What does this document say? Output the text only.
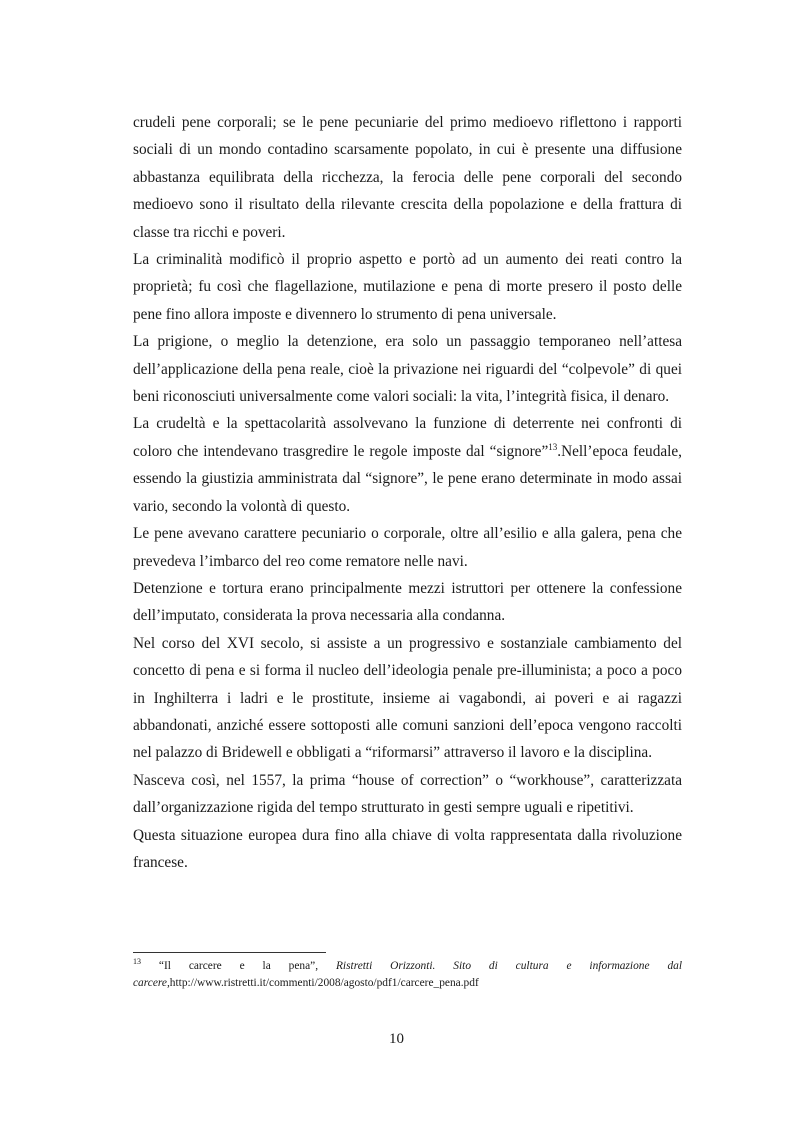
crudeli pene corporali; se le pene pecuniarie del primo medioevo riflettono i rapporti sociali di un mondo contadino scarsamente popolato, in cui è presente una diffusione abbastanza equilibrata della ricchezza, la ferocia delle pene corporali del secondo medioevo sono il risultato della rilevante crescita della popolazione e della frattura di classe tra ricchi e poveri.

La criminalità modificò il proprio aspetto e portò ad un aumento dei reati contro la proprietà; fu così che flagellazione, mutilazione e pena di morte presero il posto delle pene fino allora imposte e divennero lo strumento di pena universale.

La prigione, o meglio la detenzione, era solo un passaggio temporaneo nell’attesa dell’applicazione della pena reale, cioè la privazione nei riguardi del “colpevole” di quei beni riconosciuti universalmente come valori sociali: la vita, l’integrità fisica, il denaro.

La crudeltà e la spettacolarità assolvevano la funzione di deterrente nei confronti di coloro che intendevano trasgredire le regole imposte dal “signore”$^{13}$.Nell’epoca feudale, essendo la giustizia amministrata dal “signore”, le pene erano determinate in modo assai vario, secondo la volontà di questo.

Le pene avevano carattere pecuniario o corporale, oltre all’esilio e alla galera, pena che prevedeva l’imbarco del reo come rematore nelle navi.

Detenzione e tortura erano principalmente mezzi istruttori per ottenere la confessione dell’imputato, considerata la prova necessaria alla condanna.

Nel corso del XVI secolo, si assiste a un progressivo e sostanziale cambiamento del concetto di pena e si forma il nucleo dell’ideologia penale pre-illuminista; a poco a poco in Inghilterra i ladri e le prostitute, insieme ai vagabondi, ai poveri e ai ragazzi abbandonati, anziché essere sottoposti alle comuni sanzioni dell’epoca vengono raccolti nel palazzo di Bridewell e obbligati a “riformarsi” attraverso il lavoro e la disciplina.

Nasceva così, nel 1557, la prima “house of correction” o “workhouse”, caratterizzata dall’organizzazione rigida del tempo strutturato in gesti sempre uguali e ripetitivi.

Questa situazione europea dura fino alla chiave di volta rappresentata dalla rivoluzione francese.

$^{13}$ “Il carcere e la pena”, Ristretti Orizzonti. Sito di cultura e informazione dal carcere,http://www.ristretti.it/commenti/2008/agosto/pdf1/carcere_pena.pdf
10
